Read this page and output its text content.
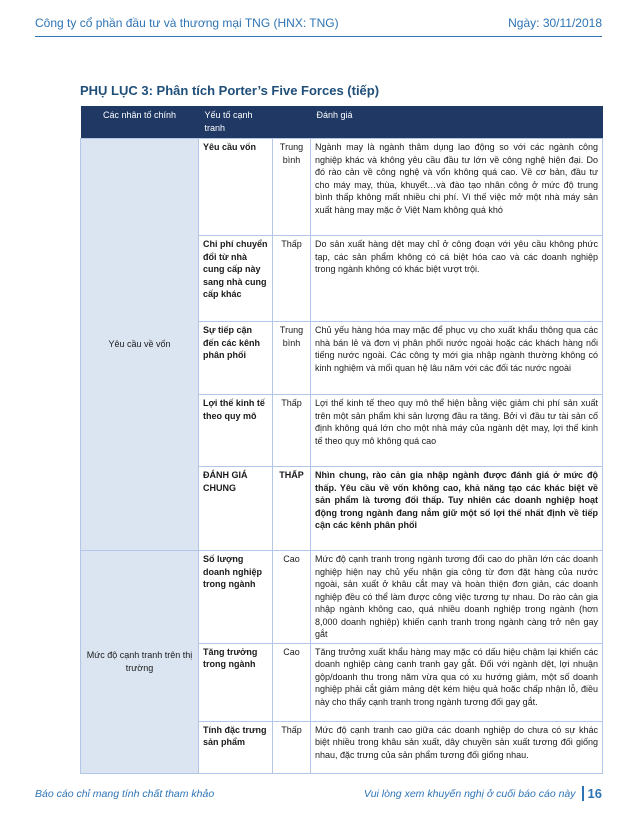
Công ty cổ phần đầu tư và thương mại TNG (HNX: TNG)	Ngày: 30/11/2018
PHỤ LỤC 3: Phân tích Porter’s Five Forces (tiếp)
Các nhân tố chính	Yếu tố cạnh tranh		Đánh giá
Yêu cầu về vốn	Yêu cầu vốn	Trung bình	Ngành may là ngành thâm dụng lao động so với các ngành công nghiệp khác và không yêu cầu đầu tư lớn về công nghệ hiện đại. Do đó rào cản về công nghệ và vốn không quá cao. Về cơ bản, đầu tư cho máy may, thùa, khuyết…và đào tạo nhân công ở mức độ trung bình thấp không mất nhiều chi phí. Vì thế việc mở một nhà máy sản xuất hàng may mặc ở Việt Nam không quá khó
	Chi phí chuyển đổi từ nhà cung cấp này sang nhà cung cấp khác	Thấp	Do sản xuất hàng dệt may chỉ ở công đoạn với yêu cầu không phức tạp, các sản phẩm không có cá biệt hóa cao và các doanh nghiệp trong ngành không có khác biệt vượt trội.
	Sự tiếp cận đến các kênh phân phối	Trung bình	Chủ yếu hàng hóa may mặc để phục vụ cho xuất khẩu thông qua các nhà bán lẻ và đơn vị phân phối nước ngoài hoặc các khách hàng nổi tiếng nước ngoài. Các công ty mới gia nhập ngành thường không có kinh nghiệm và mối quan hệ lâu năm với các đối tác nước ngoài
	Lợi thế kinh tế theo quy mô	Thấp	Lợi thế kinh tế theo quy mô thể hiện bằng việc giảm chi phí sản xuất trên một sản phẩm khi sản lượng đầu ra tăng. Bởi vì đầu tư tài sản cố định không quá lớn cho một nhà máy của ngành dệt may, lợi thế kinh tế theo quy mô không quá cao
	ĐÁNH GIÁ CHUNG	THẤP	Nhìn chung, rào cản gia nhập ngành được đánh giá ở mức độ thấp. Yêu cầu về vốn không cao, khả năng tạo các khác biệt về sản phẩm là tương đối thấp. Tuy nhiên các doanh nghiệp hoạt động trong ngành đang nắm giữ một số lợi thế nhất định về tiếp cận các kênh phân phối
Mức độ cạnh tranh trên thị trường	Số lượng doanh nghiệp trong ngành	Cao	Mức độ cạnh tranh trong ngành tương đối cao do phần lớn các doanh nghiệp hiện nay chủ yếu nhận gia công từ đơn đặt hàng của nước ngoài, sản xuất ở khâu cắt may và hoàn thiện đơn giản, các doanh nghiệp đều có thể làm được công việc tương tự nhau. Do rào cản gia nhập ngành không cao, quá nhiều doanh nghiệp trong ngành (hơn 8,000 doanh nghiệp) khiến cạnh tranh trong ngành càng trở nên gay gắt
	Tăng trưởng trong ngành	Cao	Tăng trưởng xuất khẩu hàng may mặc có dấu hiệu chậm lại khiến các doanh nghiệp càng cạnh tranh gay gắt. Đối với ngành dệt, lợi nhuận gộp/doanh thu trong năm vừa qua có xu hướng giảm, một số doanh nghiệp phải cắt giảm mảng dệt kém hiệu quả hoặc chấp nhận lỗ, điều này cho thấy cạnh tranh trong ngành tương đối gay gắt.
	Tính đặc trưng sản phẩm	Thấp	Mức độ cạnh tranh cao giữa các doanh nghiệp do chưa có sự khác biệt nhiều trong khâu sản xuất, dây chuyền sản xuất tương đối giống nhau, đặc trưng của sản phẩm tương đối giống nhau.
Báo cáo chỉ mang tính chất tham khảo	Vui lòng xem khuyến nghị ở cuối báo cáo này 16
